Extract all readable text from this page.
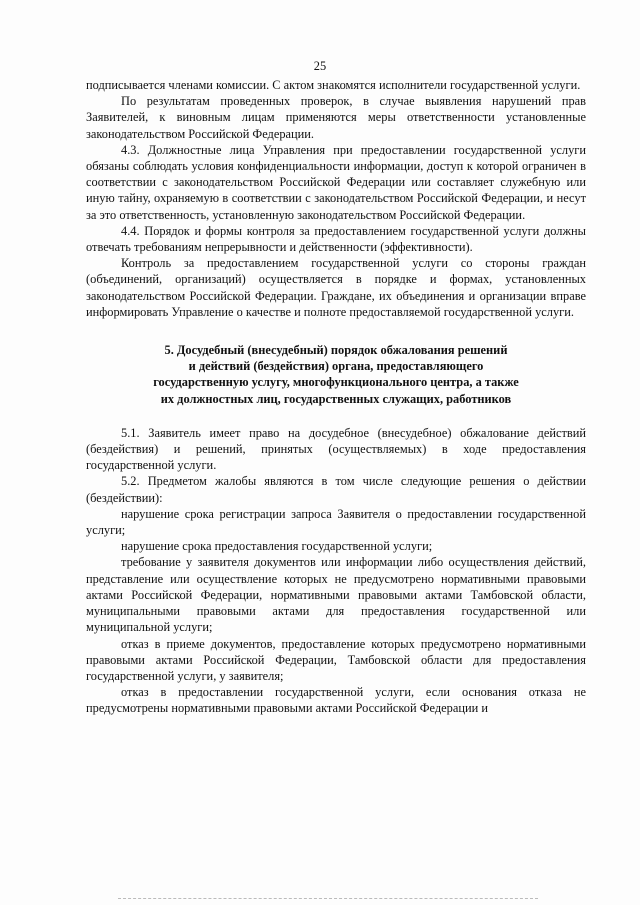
25

подписывается членами комиссии. С актом знакомятся исполнители государственной услуги.

По результатам проведенных проверок, в случае выявления нарушений прав Заявителей, к виновным лицам применяются меры ответственности установленные законодательством Российской Федерации.

4.3. Должностные лица Управления при предоставлении государственной услуги обязаны соблюдать условия конфиденциальности информации, доступ к которой ограничен в соответствии с законодательством Российской Федерации или составляет служебную или иную тайну, охраняемую в соответствии с законодательством Российской Федерации, и несут за это ответственность, установленную законодательством Российской Федерации.

4.4. Порядок и формы контроля за предоставлением государственной услуги должны отвечать требованиям непрерывности и действенности (эффективности).

Контроль за предоставлением государственной услуги со стороны граждан (объединений, организаций) осуществляется в порядке и формах, установленных законодательством Российской Федерации. Граждане, их объединения и организации вправе информировать Управление о качестве и полноте предоставляемой государственной услуги.

5. Досудебный (внесудебный) порядок обжалования решений

и действий (бездействия) органа, предоставляющего

государственную услугу, многофункционального центра, а также

их должностных лиц, государственных служащих, работников

5.1. Заявитель имеет право на досудебное (внесудебное) обжалование действий (бездействия) и решений, принятых (осуществляемых) в ходе предоставления государственной услуги.

5.2. Предметом жалобы являются в том числе следующие решения о действии (бездействии):

нарушение срока регистрации запроса Заявителя о предоставлении государственной услуги;

нарушение срока предоставления государственной услуги;

требование у заявителя документов или информации либо осуществления действий, представление или осуществление которых не предусмотрено нормативными правовыми актами Российской Федерации, нормативными правовыми актами Тамбовской области, муниципальными правовыми актами для предоставления государственной или муниципальной услуги;

отказ в приеме документов, предоставление которых предусмотрено нормативными правовыми актами Российской Федерации, Тамбовской области для предоставления государственной услуги, у заявителя;

отказ в предоставлении государственной услуги, если основания отказа не предусмотрены нормативными правовыми актами Российской Федерации и
